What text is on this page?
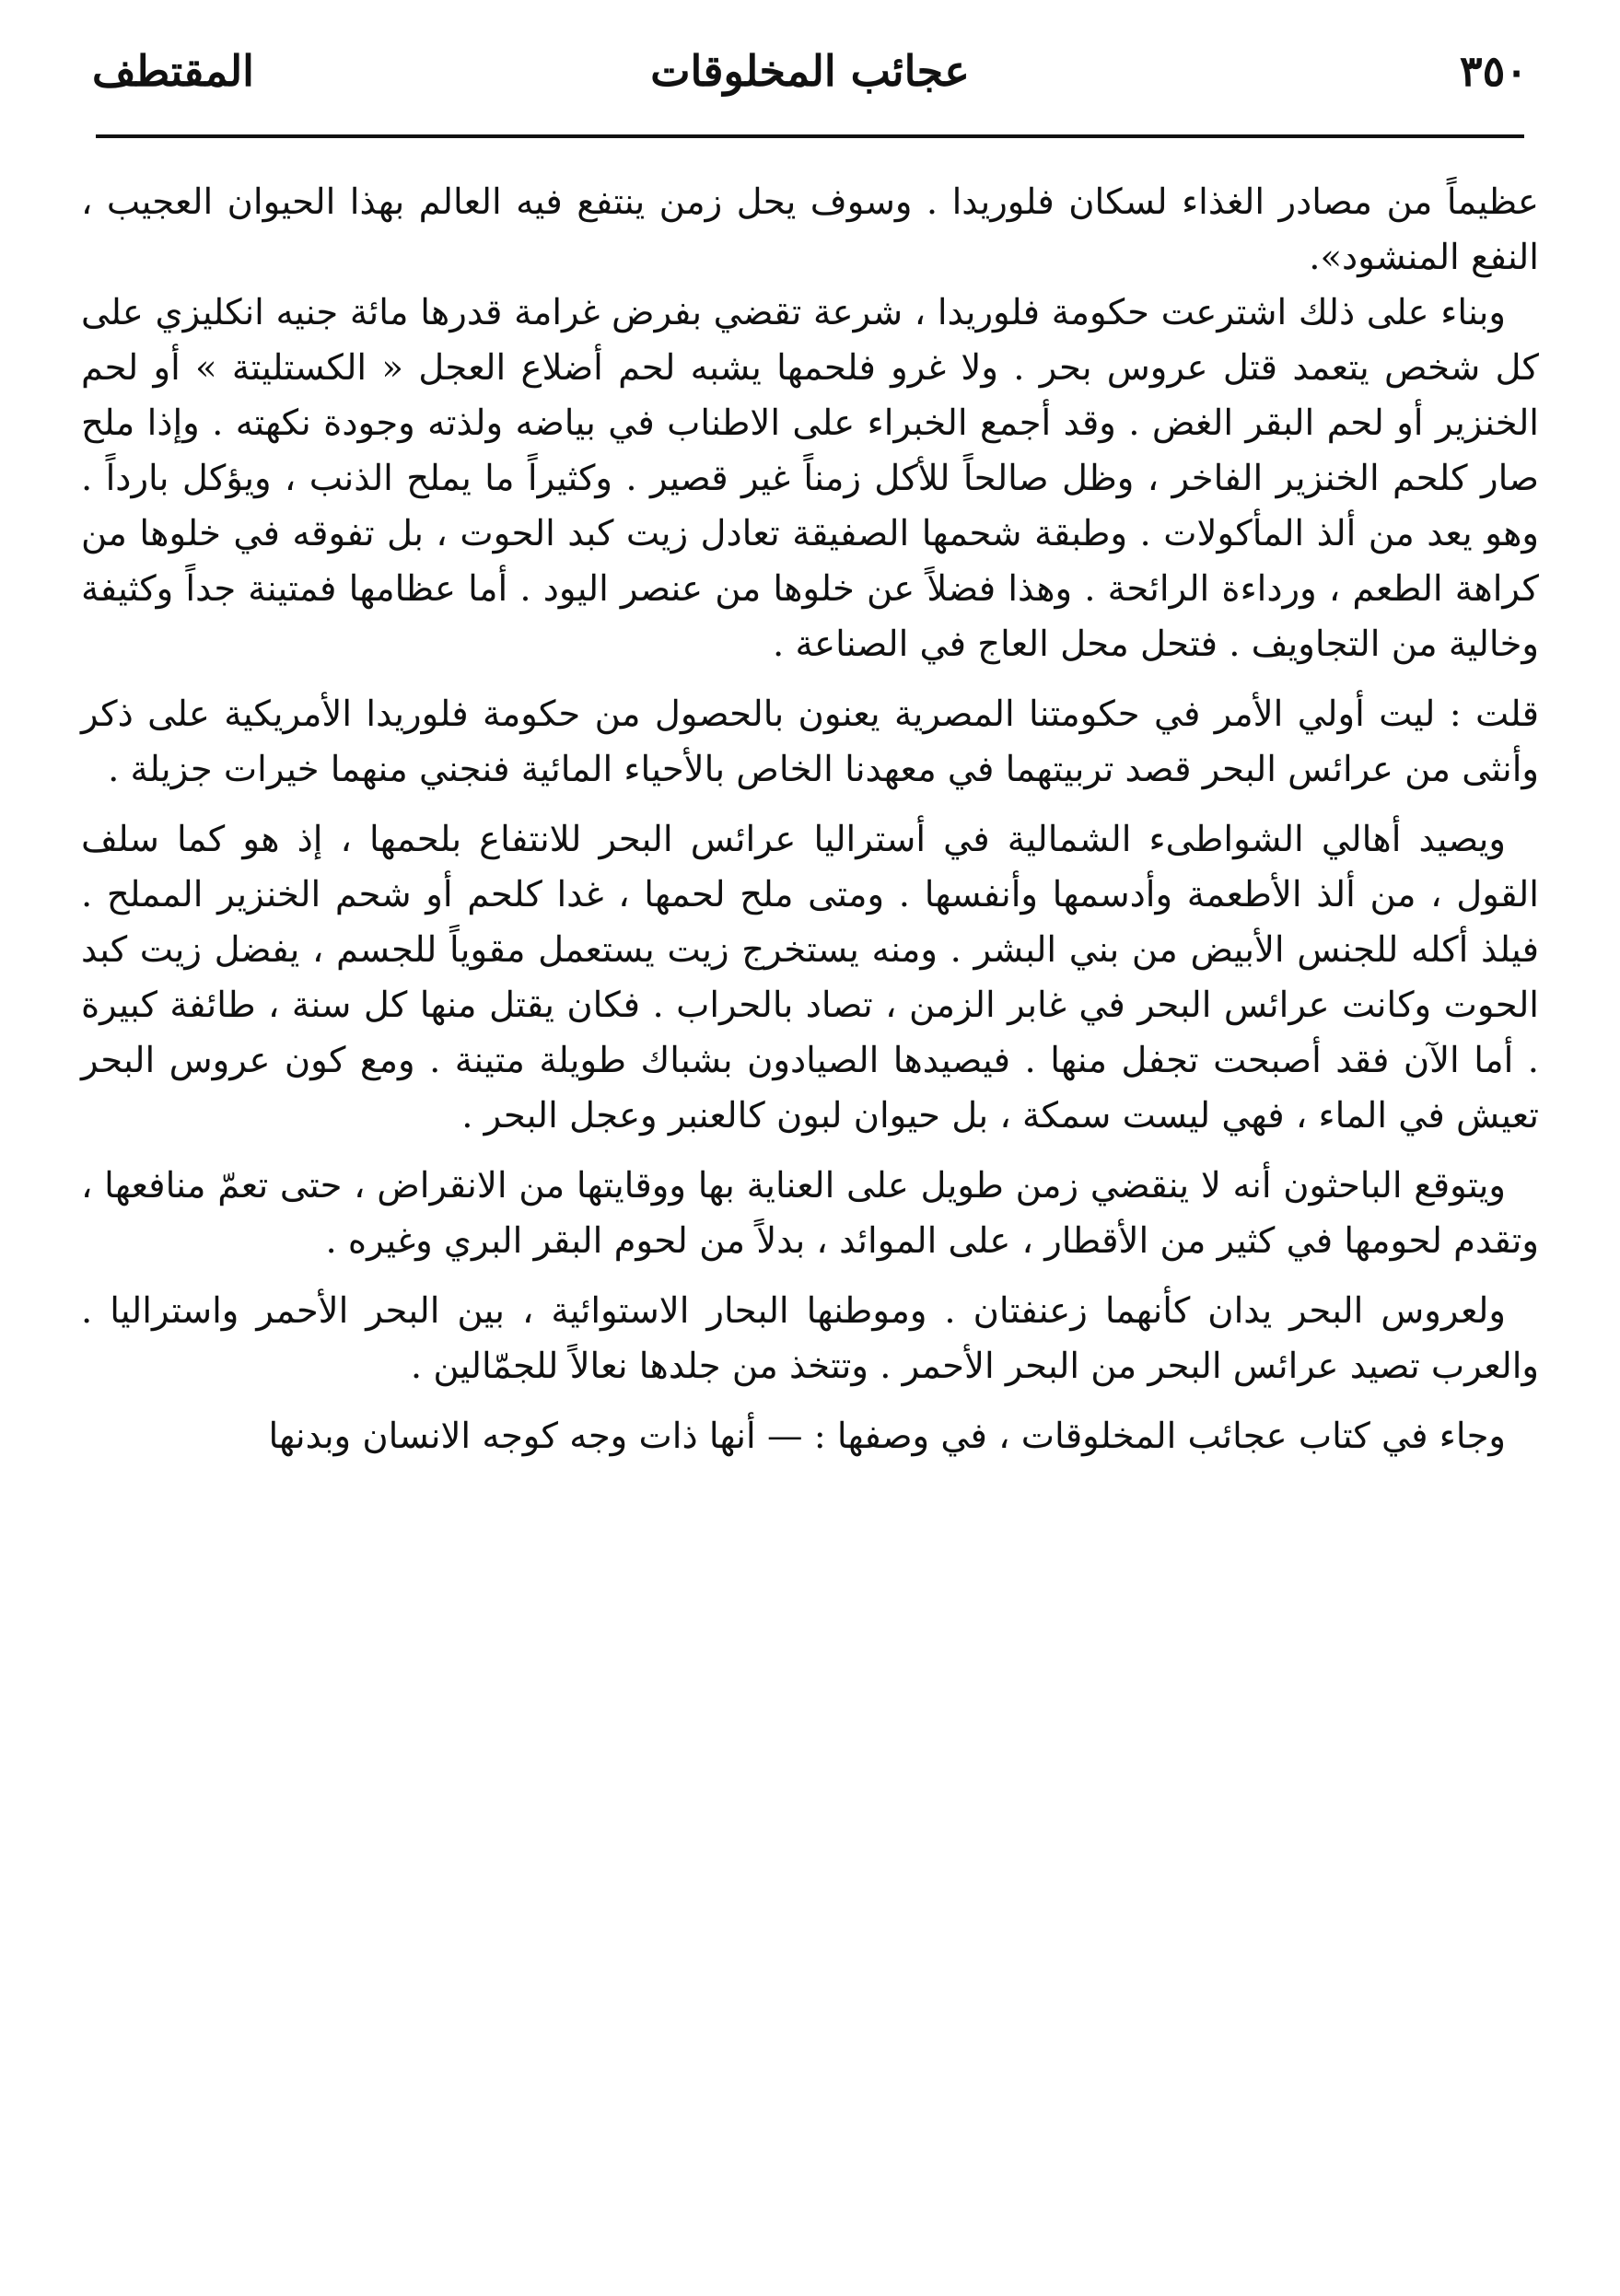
٣٥٠
عجائب المخلوقات
المقتطف

عظيماً من مصادر الغذاء لسكان فلوريدا . وسوف يحل زمن ينتفع فيه العالم بهذا الحيوان العجيب ، النفع المنشود».

وبناء على ذلك اشترعت حكومة فلوريدا ، شرعة تقضي بفرض غرامة قدرها مائة جنيه انكليزي على كل شخص يتعمد قتل عروس بحر . ولا غرو فلحمها يشبه لحم أضلاع العجل « الكستليتة » أو لحم الخنزير أو لحم البقر الغض . وقد أجمع الخبراء على الاطناب في بياضه ولذته وجودة نكهته . وإذا ملح صار كلحم الخنزير الفاخر ، وظل صالحاً للأكل زمناً غير قصير . وكثيراً ما يملح الذنب ، ويؤكل بارداً . وهو يعد من ألذ المأكولات . وطبقة شحمها الصفيقة تعادل زيت كبد الحوت ، بل تفوقه في خلوها من كراهة الطعم ، ورداءة الرائحة . وهذا فضلاً عن خلوها من عنصر اليود . أما عظامها فمتينة جداً وكثيفة وخالية من التجاويف . فتحل محل العاج في الصناعة .

قلت : ليت أولي الأمر في حكومتنا المصرية يعنون بالحصول من حكومة فلوريدا الأمريكية على ذكر وأنثى من عرائس البحر قصد تربيتهما في معهدنا الخاص بالأحياء المائية فنجني منهما خيرات جزيلة .

ويصيد أهالي الشواطىء الشمالية في أستراليا عرائس البحر للانتفاع بلحمها ، إذ هو كما سلف القول ، من ألذ الأطعمة وأدسمها وأنفسها . ومتى ملح لحمها ، غدا كلحم أو شحم الخنزير المملح . فيلذ أكله للجنس الأبيض من بني البشر . ومنه يستخرج زيت يستعمل مقوياً للجسم ، يفضل زيت كبد الحوت وكانت عرائس البحر في غابر الزمن ، تصاد بالحراب . فكان يقتل منها كل سنة ، طائفة كبيرة . أما الآن فقد أصبحت تجفل منها . فيصيدها الصيادون بشباك طويلة متينة . ومع كون عروس البحر تعيش في الماء ، فهي ليست سمكة ، بل حيوان لبون كالعنبر وعجل البحر .

ويتوقع الباحثون أنه لا ينقضي زمن طويل على العناية بها ووقايتها من الانقراض ، حتى تعمّ منافعها ، وتقدم لحومها في كثير من الأقطار ، على الموائد ، بدلاً من لحوم البقر البري وغيره .

ولعروس البحر يدان كأنهما زعنفتان . وموطنها البحار الاستوائية ، بين البحر الأحمر واستراليا . والعرب تصيد عرائس البحر من البحر الأحمر . وتتخذ من جلدها نعالاً للجمّالين .

وجاء في كتاب عجائب المخلوقات ، في وصفها : — أنها ذات وجه كوجه الانسان وبدنها
